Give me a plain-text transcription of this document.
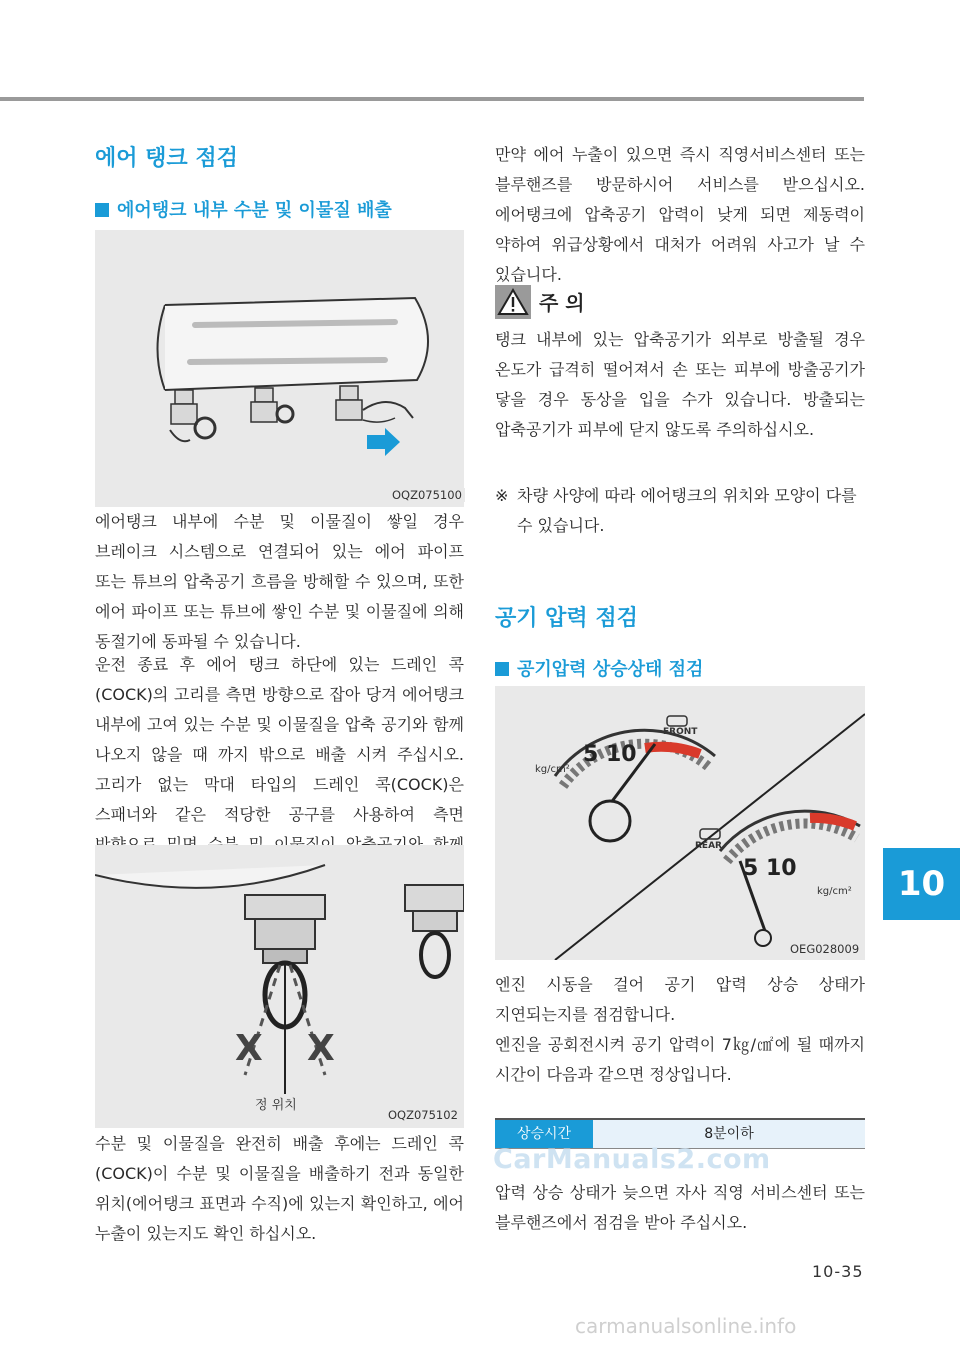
에어 탱크 점검
에어탱크 내부 수분 및 이물질 배출
OQZ075100

에어탱크 내부에 수분 및 이물질이 쌓일 경우 브레이크 시스템으로 연결되어 있는 에어 파이프 또는 튜브의 압축공기 흐름을 방해할 수 있으며, 또한 에어 파이프 또는 튜브에 쌓인 수분 및 이물질에 의해 동절기에 동파될 수 있습니다.

운전 종료 후 에어 탱크 하단에 있는 드레인 콕(COCK)의 고리를 측면 방향으로 잡아 당겨 에어탱크 내부에 고여 있는 수분 및 이물질을 압축 공기와 함께 나오지 않을 때 까지 밖으로 배출 시켜 주십시오. 고리가 없는 막대 타입의 드레인 콕(COCK)은 스패너와 같은 적당한 공구를 사용하여 측면

X X
정 위치
OQZ075102

수분 및 이물질을 완전히 배출 후에는 드레인 콕(COCK)이 수분 및 이물질을 배출하기 전과 동일한 위치(에어탱크 표면과 수직)에 있는지 확인하고, 에어 누출이 있는지도 확인 하십시오.

만약 에어 누출이 있으면 즉시 직영서비스센터 또는 블루핸즈를 방문하시어 서비스를 받으십시오. 에어탱크에 압축공기 압력이 낮게 되면 제동력이 약하여 위급상황에서 대처가 어려워 사고가 날 수 있습니다.

주 의

탱크 내부에 있는 압축공기가 외부로 방출될 경우 온도가 급격히 떨어져서 손 또는 피부에 방출공기가 닿을 경우 동상을 입을 수가 있습니다. 방출되는 압축공기가 피부에 닫지 않도록 주의하십시오.

※ 차량 사양에 따라 에어탱크의 위치와 모양이 다를 수 있습니다.
공기 압력 점검
공기압력 상승상태 점검
FRONT
5 10
kg/cm²
REAR
5 10
kg/cm²
OEG028009

엔진 시동을 걸어 공기 압력 상승 상태가 지연되는지를 점검합니다.

엔진을 공회전시켜 공기 압력이 7㎏/㎠에 될 때까지 시간이 다음과 같으면 정상입니다.

상승시간	8분이하
CarManuals2.com

압력 상승 상태가 늦으면 자사 직영 서비스센터 또는 블루핸즈에서 점검을 받아 주십시오.

10
10-35
carmanualsonline.info
